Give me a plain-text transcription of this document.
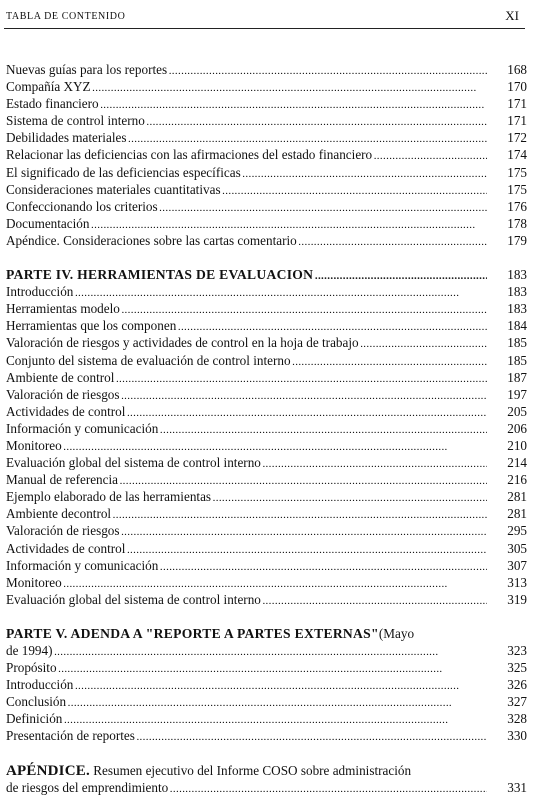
TABLA DE CONTENIDO	XI
Nuevas guías para los reportes . . .	168
Compañía XYZ . . .	170
Estado financiero . . .	171
Sistema de control interno . . .	171
Debilidades materiales . . .	172
Relacionar las deficiencias con las afirmaciones del estado financiero . . .	174
El significado de las deficiencias específicas . . .	175
Consideraciones materiales cuantitativas . . .	175
Confeccionando los criterios . . .	176
Documentación . . .	178
Apéndice. Consideraciones sobre las cartas comentario . . .	179
PARTE IV. HERRAMIENTAS DE EVALUACION . . .	183
Introducción . . .	183
Herramientas modelo . . .	183
Herramientas que los componen . . .	184
Valoración de riesgos y actividades de control en la hoja de trabajo . . .	185
Conjunto del sistema de evaluación de control interno . . .	185
Ambiente de control . . .	187
Valoración de riesgos . . .	197
Actividades de control . . .	205
Información y comunicación . . .	206
Monitoreo . . .	210
Evaluación global del sistema de control interno . . .	214
Manual de referencia . . .	216
Ejemplo elaborado de las herramientas . . .	281
Ambiente decontrol . . .	281
Valoración de riesgos . . .	295
Actividades de control . . .	305
Información y comunicación . . .	307
Monitoreo . . .	313
Evaluación global del sistema de control interno . . .	319
PARTE V. ADENDA A "REPORTE A PARTES EXTERNAS"(Mayo
de 1994) . . .	323
Propósito . . .	325
Introducción . . .	326
Conclusión . . .	327
Definición . . .	328
Presentación de reportes . . .	330
APÉNDICE. Resumen ejecutivo del Informe COSO sobre administración
de riesgos del emprendimiento . . .	331
